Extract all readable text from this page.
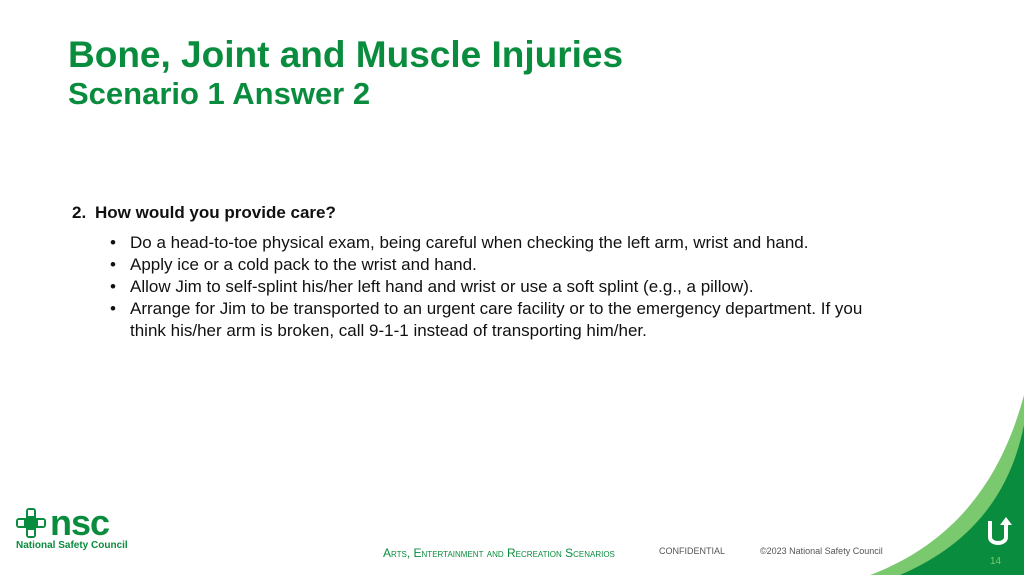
Bone, Joint and Muscle Injuries
Scenario 1 Answer 2

2. How would you provide care?

• Do a head-to-toe physical exam, being careful when checking the left arm, wrist and hand.
• Apply ice or a cold pack to the wrist and hand.
• Allow Jim to self-splint his/her left hand and wrist or use a soft splint (e.g., a pillow).
• Arrange for Jim to be transported to an urgent care facility or to the emergency department. If you think his/her arm is broken, call 9-1-1 instead of transporting him/her.
nsc
National Safety Council
Arts, Entertainment and Recreation Scenarios	CONFIDENTIAL	©2023 National Safety Council
14
